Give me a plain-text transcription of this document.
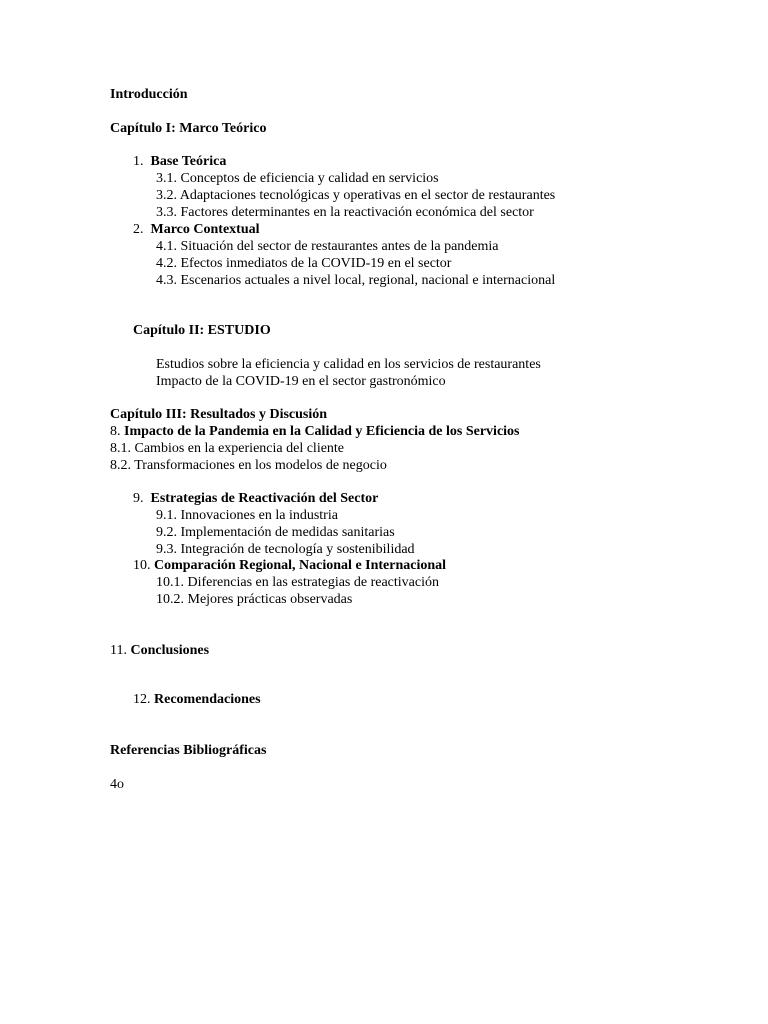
Introducción
Capítulo I: Marco Teórico
1. Base Teórica
3.1. Conceptos de eficiencia y calidad en servicios
3.2. Adaptaciones tecnológicas y operativas en el sector de restaurantes
3.3. Factores determinantes en la reactivación económica del sector
2. Marco Contextual
4.1. Situación del sector de restaurantes antes de la pandemia
4.2. Efectos inmediatos de la COVID-19 en el sector
4.3. Escenarios actuales a nivel local, regional, nacional e internacional
Capítulo II: ESTUDIO
Estudios sobre la eficiencia y calidad en los servicios de restaurantes
Impacto de la COVID-19 en el sector gastronómico
Capítulo III: Resultados y Discusión
8. Impacto de la Pandemia en la Calidad y Eficiencia de los Servicios
8.1. Cambios en la experiencia del cliente
8.2. Transformaciones en los modelos de negocio
9. Estrategias de Reactivación del Sector
9.1. Innovaciones en la industria
9.2. Implementación de medidas sanitarias
9.3. Integración de tecnología y sostenibilidad
10. Comparación Regional, Nacional e Internacional
10.1. Diferencias en las estrategias de reactivación
10.2. Mejores prácticas observadas
11. Conclusiones
12. Recomendaciones
Referencias Bibliográficas
4o
